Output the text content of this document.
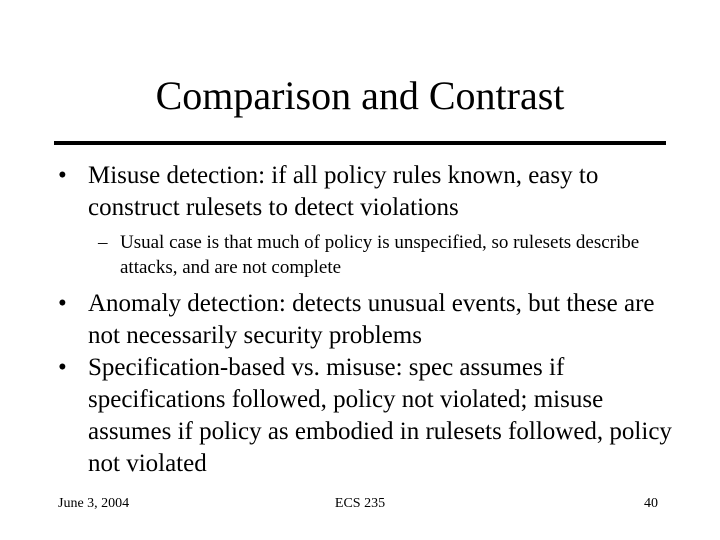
Comparison and Contrast
• Misuse detection: if all policy rules known, easy to construct rulesets to detect violations
– Usual case is that much of policy is unspecified, so rulesets describe attacks, and are not complete
• Anomaly detection: detects unusual events, but these are not necessarily security problems
• Specification-based vs. misuse: spec assumes if specifications followed, policy not violated; misuse assumes if policy as embodied in rulesets followed, policy not violated
June 3, 2004	ECS 235	40
